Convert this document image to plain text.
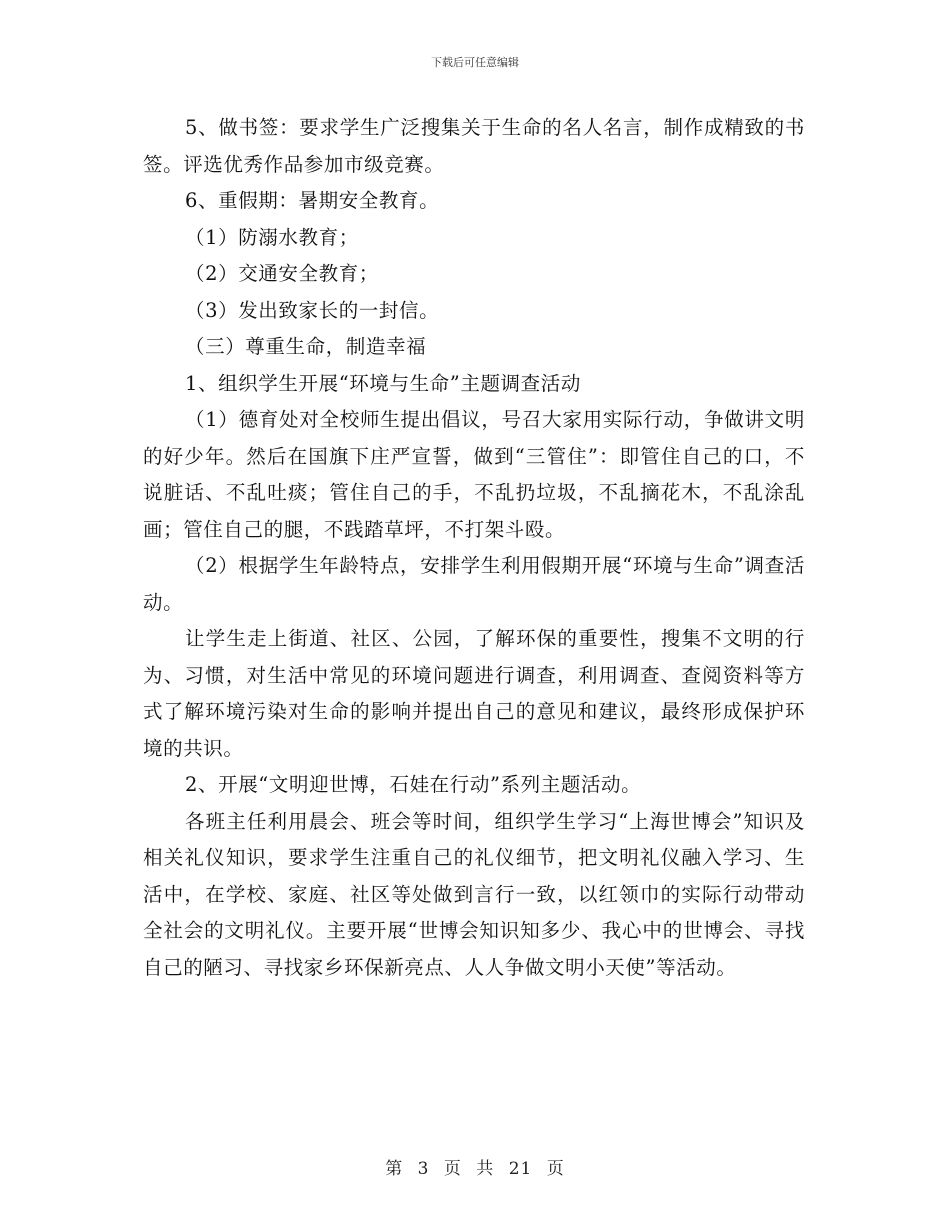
下载后可任意编辑

5、做书签：要求学生广泛搜集关于生命的名人名言，制作成精致的书签。评选优秀作品参加市级竞赛。

6、重假期：暑期安全教育。

（1）防溺水教育；

（2）交通安全教育；

（3）发出致家长的一封信。

（三）尊重生命，制造幸福

1、组织学生开展“环境与生命”主题调查活动

（1）德育处对全校师生提出倡议，号召大家用实际行动，争做讲文明的好少年。然后在国旗下庄严宣誓，做到“三管住”：即管住自己的口，不说脏话、不乱吐痰；管住自己的手，不乱扔垃圾，不乱摘花木，不乱涂乱画；管住自己的腿，不践踏草坪，不打架斗殴。

（2）根据学生年龄特点，安排学生利用假期开展“环境与生命”调查活动。

让学生走上街道、社区、公园，了解环保的重要性，搜集不文明的行为、习惯，对生活中常见的环境问题进行调查，利用调查、查阅资料等方式了解环境污染对生命的影响并提出自己的意见和建议，最终形成保护环境的共识。

2、开展“文明迎世博，石娃在行动”系列主题活动。

各班主任利用晨会、班会等时间，组织学生学习“上海世博会”知识及相关礼仪知识，要求学生注重自己的礼仪细节，把文明礼仪融入学习、生活中，在学校、家庭、社区等处做到言行一致，以红领巾的实际行动带动全社会的文明礼仪。主要开展“世博会知识知多少、我心中的世博会、寻找自己的陋习、寻找家乡环保新亮点、人人争做文明小天使”等活动。

第 3 页 共 21 页
